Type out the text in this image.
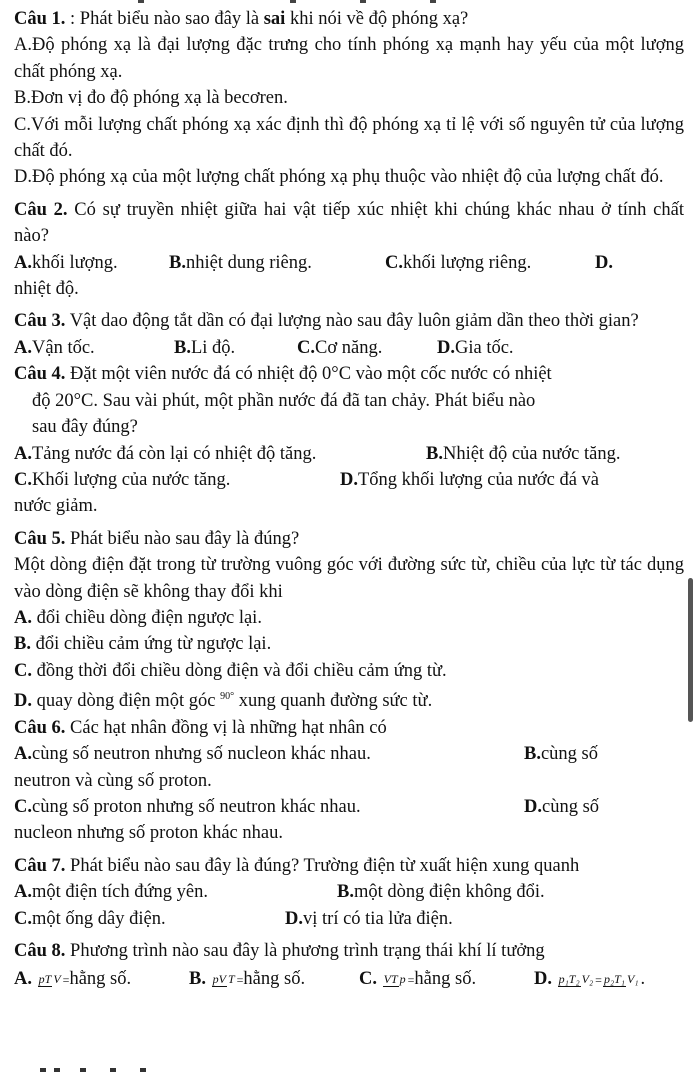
Câu 1. : Phát biểu nào sao đây là sai khi nói về độ phóng xạ?

A.Độ phóng xạ là đại lượng đặc trưng cho tính phóng xạ mạnh hay yếu của một lượng chất phóng xạ.

B.Đơn vị đo độ phóng xạ là becơren.

C.Với mỗi lượng chất phóng xạ xác định thì độ phóng xạ tỉ lệ với số nguyên tử của lượng chất đó.

D.Độ phóng xạ của một lượng chất phóng xạ phụ thuộc vào nhiệt độ của lượng chất đó.

Câu 2. Có sự truyền nhiệt giữa hai vật tiếp xúc nhiệt khi chúng khác nhau ở tính chất nào?

A.khối lượng.	B.nhiệt dung riêng.	C.khối lượng riêng.	D.

nhiệt độ.

Câu 3. Vật dao động tắt dần có đại lượng nào sau đây luôn giảm dần theo thời gian?

A.Vận tốc.	B.Li độ.	C.Cơ năng.	D.Gia tốc.

Câu 4. Đặt một viên nước đá có nhiệt độ 0°C vào một cốc nước có nhiệt

độ 20°C. Sau vài phút, một phần nước đá đã tan chảy. Phát biểu nào

sau đây đúng?

A.Tảng nước đá còn lại có nhiệt độ tăng.	B.Nhiệt độ của nước tăng.
C.Khối lượng của nước tăng.	D.Tổng khối lượng của nước đá và

nước giảm.

Câu 5. Phát biểu nào sau đây là đúng?

Một dòng điện đặt trong từ trường vuông góc với đường sức từ, chiều của lực từ tác dụng vào dòng điện sẽ không thay đổi khi

A. đổi chiều dòng điện ngược lại.

B. đổi chiều cảm ứng từ ngược lại.

C. đồng thời đổi chiều dòng điện và đổi chiều cảm ứng từ.

D. quay dòng điện một góc $^{90^\circ}$ xung quanh đường sức từ.

Câu 6. Các hạt nhân đồng vị là những hạt nhân có

A.cùng số neutron nhưng số nucleon khác nhau.	B.cùng số

neutron và cùng số proton.

C.cùng số proton nhưng số neutron khác nhau.	D.cùng số

nucleon nhưng số proton khác nhau.

Câu 7. Phát biểu nào sau đây là đúng? Trường điện từ xuất hiện xung quanh

A.một điện tích đứng yên.	B.một dòng điện không đổi.
C.một ống dây điện.	D.vị trí có tia lửa điện.

Câu 8. Phương trình nào sau đây là phương trình trạng thái khí lí tưởng

A. pT V =hằng số.	B. pV T =hằng số.	C. VT p =hằng số.	D. p₁T₂ V₂ = p₂T₁ V₁ .
